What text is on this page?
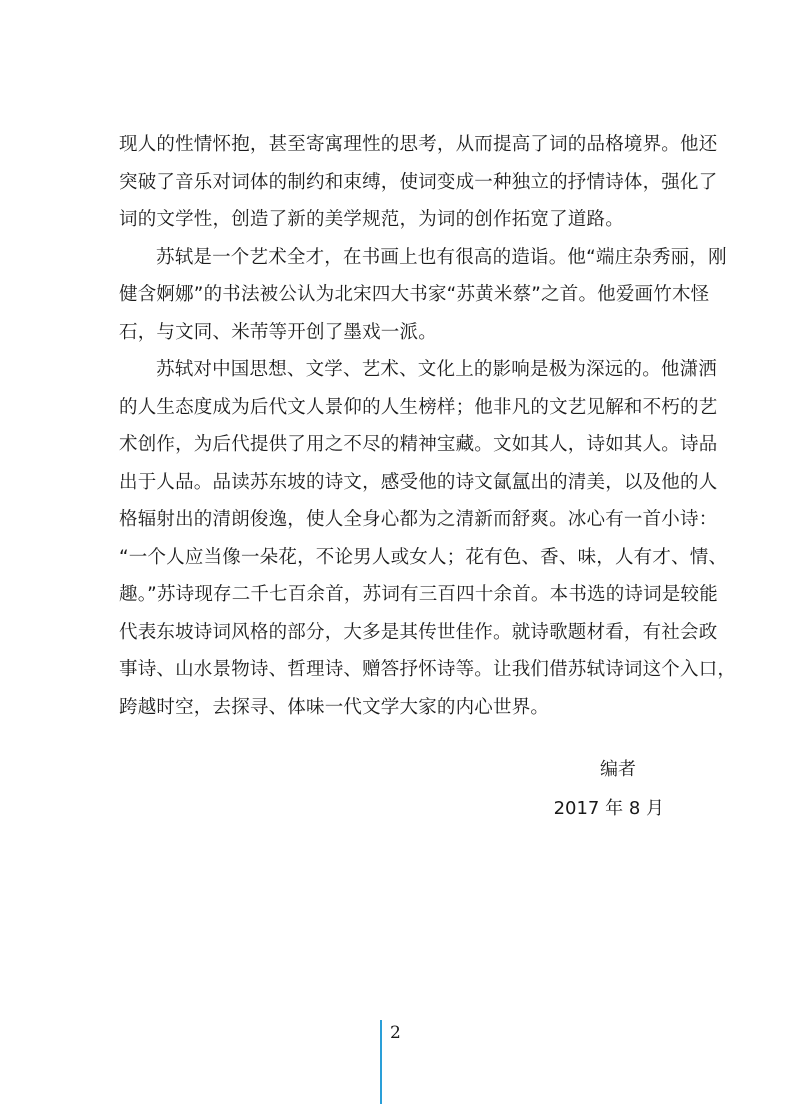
现人的性情怀抱，甚至寄寓理性的思考，从而提高了词的品格境界。他还
突破了音乐对词体的制约和束缚，使词变成一种独立的抒情诗体，强化了
词的文学性，创造了新的美学规范，为词的创作拓宽了道路。
苏轼是一个艺术全才，在书画上也有很高的造诣。他“端庄杂秀丽，刚
健含婀娜”的书法被公认为北宋四大书家“苏黄米蔡”之首。他爱画竹木怪
石，与文同、米芾等开创了墨戏一派。
苏轼对中国思想、文学、艺术、文化上的影响是极为深远的。他潇洒
的人生态度成为后代文人景仰的人生榜样；他非凡的文艺见解和不朽的艺
术创作，为后代提供了用之不尽的精神宝藏。文如其人，诗如其人。诗品
出于人品。品读苏东坡的诗文，感受他的诗文氤氲出的清美，以及他的人
格辐射出的清朗俊逸，使人全身心都为之清新而舒爽。冰心有一首小诗：
“一个人应当像一朵花，不论男人或女人；花有色、香、味，人有才、情、
趣。”苏诗现存二千七百余首，苏词有三百四十余首。本书选的诗词是较能
代表东坡诗词风格的部分，大多是其传世佳作。就诗歌题材看，有社会政
事诗、山水景物诗、哲理诗、赠答抒怀诗等。让我们借苏轼诗词这个入口，
跨越时空，去探寻、体味一代文学大家的内心世界。
编者
2017 年 8 月
2
